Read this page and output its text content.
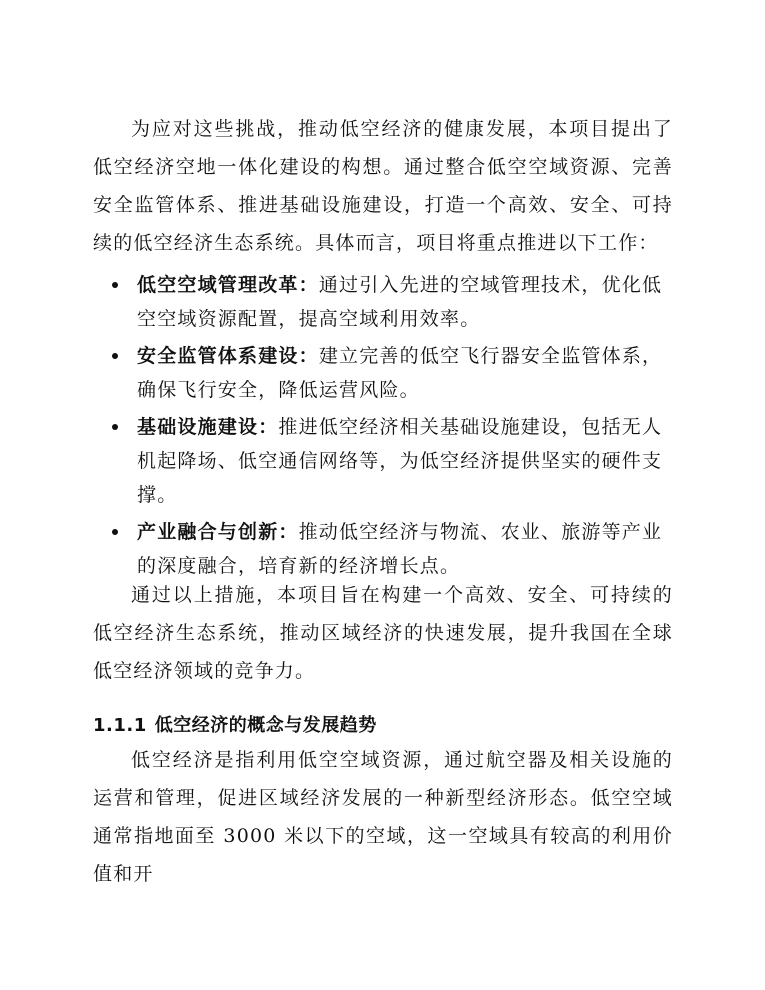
为应对这些挑战，推动低空经济的健康发展，本项目提出了低空经济空地一体化建设的构想。通过整合低空空域资源、完善安全监管体系、推进基础设施建设，打造一个高效、安全、可持续的低空经济生态系统。具体而言，项目将重点推进以下工作：

低空空域管理改革：通过引入先进的空域管理技术，优化低空空域资源配置，提高空域利用效率。
安全监管体系建设：建立完善的低空飞行器安全监管体系，确保飞行安全，降低运营风险。
基础设施建设：推进低空经济相关基础设施建设，包括无人机起降场、低空通信网络等，为低空经济提供坚实的硬件支撑。
产业融合与创新：推动低空经济与物流、农业、旅游等产业的深度融合，培育新的经济增长点。

通过以上措施，本项目旨在构建一个高效、安全、可持续的低空经济生态系统，推动区域经济的快速发展，提升我国在全球低空经济领域的竞争力。

1.1.1 低空经济的概念与发展趋势

低空经济是指利用低空空域资源，通过航空器及相关设施的运营和管理，促进区域经济发展的一种新型经济形态。低空空域通常指地面至 3000 米以下的空域，这一空域具有较高的利用价值和开
